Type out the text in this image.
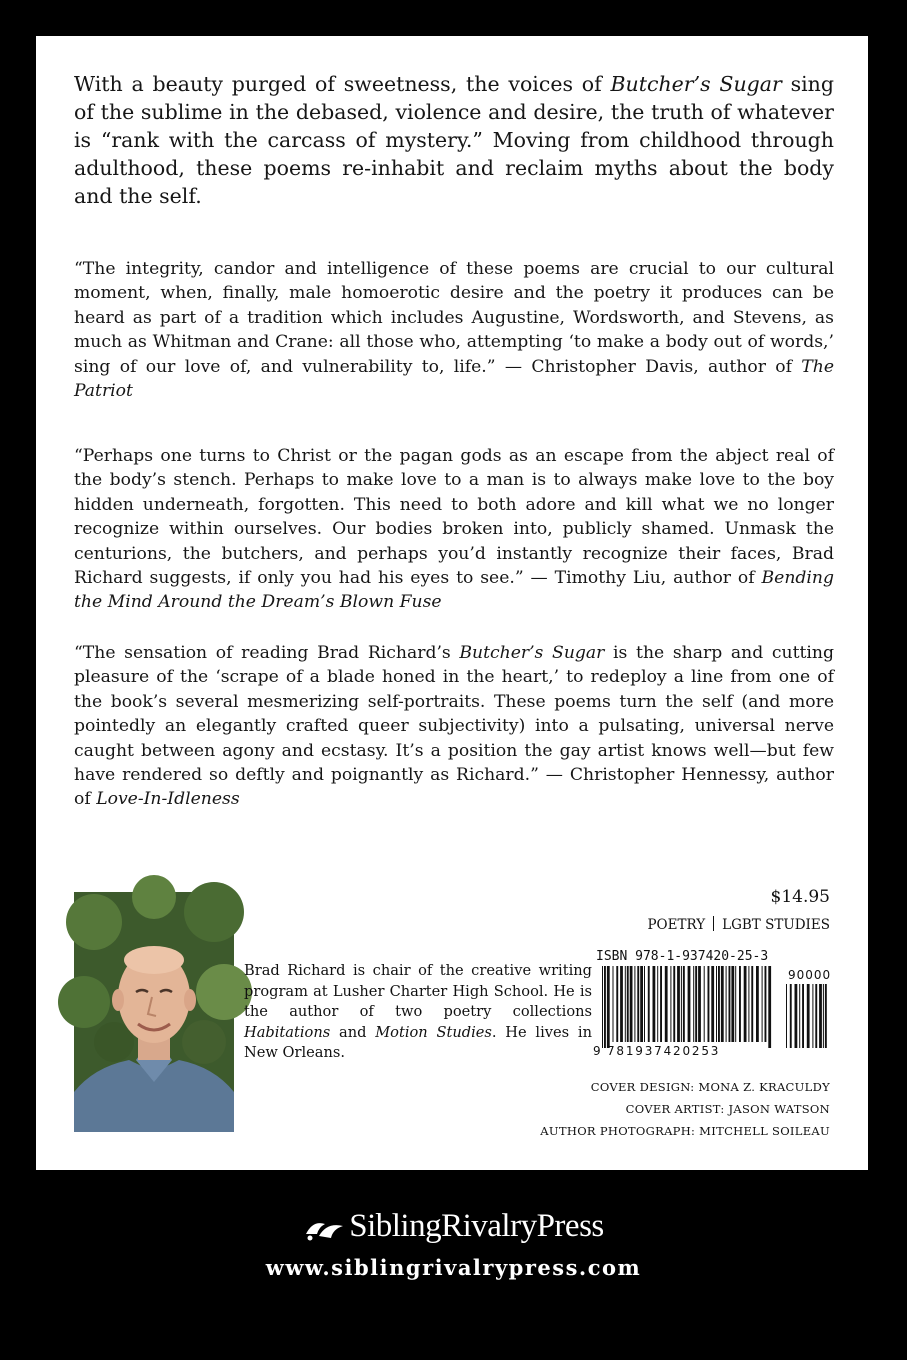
With a beauty purged of sweetness, the voices of Butcher’s Sugar sing of the sublime in the debased, violence and desire, the truth of whatever is “rank with the carcass of mystery.” Moving from childhood through adulthood, these poems re-inhabit and reclaim myths about the body and the self.

“The integrity, candor and intelligence of these poems are crucial to our cultural moment, when, finally, male homoerotic desire and the poetry it produces can be heard as part of a tradition which includes Augustine, Wordsworth, and Stevens, as much as Whitman and Crane: all those who, attempting ‘to make a body out of words,’ sing of our love of, and vulnerability to, life.” — Christopher Davis, author of The Patriot

“Perhaps one turns to Christ or the pagan gods as an escape from the abject real of the body’s stench. Perhaps to make love to a man is to always make love to the boy hidden underneath, forgotten. This need to both adore and kill what we no longer recognize within ourselves. Our bodies broken into, publicly shamed. Unmask the centurions, the butchers, and perhaps you’d instantly recognize their faces, Brad Richard suggests, if only you had his eyes to see.” — Timothy Liu, author of Bending the Mind Around the Dream’s Blown Fuse

“The sensation of reading Brad Richard’s Butcher’s Sugar is the sharp and cutting pleasure of the ‘scrape of a blade honed in the heart,’ to redeploy a line from one of the book’s several mesmerizing self-portraits. These poems turn the self (and more pointedly an elegantly crafted queer subjectivity) into a pulsating, universal nerve caught between agony and ecstasy. It’s a position the gay artist knows well—but few have rendered so deftly and poignantly as Richard.” — Christopher Hennessy, author of Love-In-Idleness

Brad Richard is chair of the creative writing program at Lusher Charter High School. He is the author of two poetry collections Habitations and Motion Studies. He lives in New Orleans.

$14.95

POETRY LGBT STUDIES

ISBN 978-1-937420-25-3
9 781937420253
90000

COVER DESIGN: MONA Z. KRACULDY

COVER ARTIST: JASON WATSON

AUTHOR PHOTOGRAPH: MITCHELL SOILEAU

SiblingRivalryPress

www.siblingrivalrypress.com
